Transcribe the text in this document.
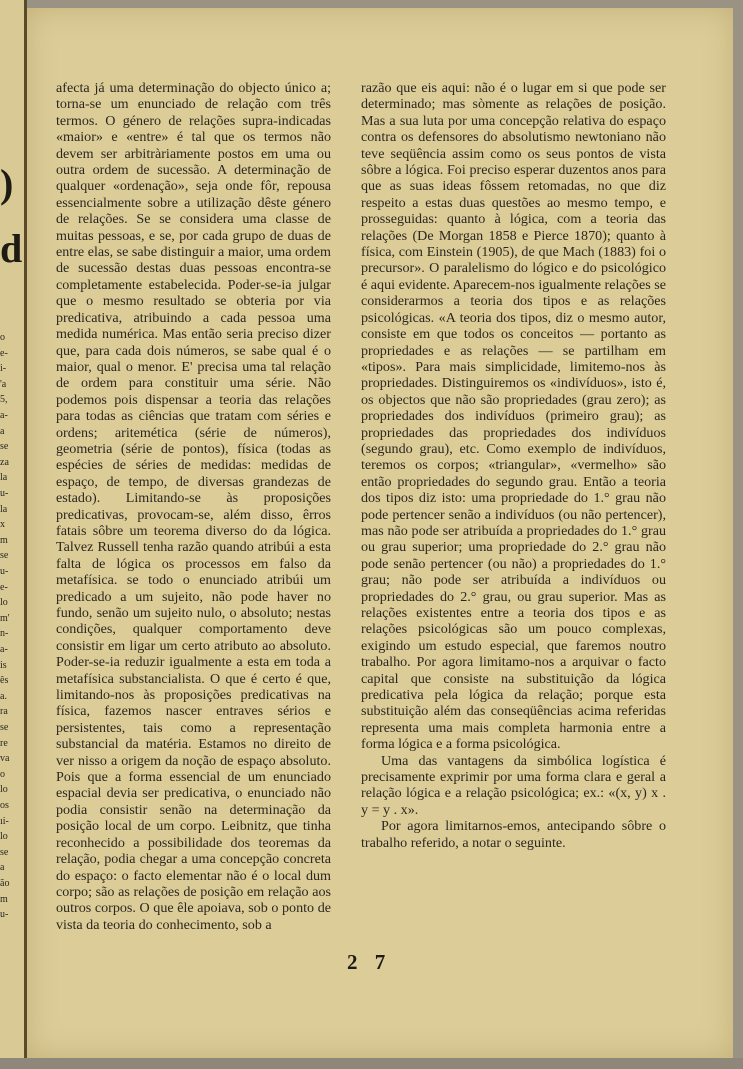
)
d
o
e-
i-
'a
5,
a-
a
se
za
la
u-
la
x
m
se
u-
e-
lo
m'
n-
a-
is
ês
a.
ra
se
re
va
o
lo
os
ıi-
lo
se
a
ão
m
u-

afecta já uma determinação do objecto único a; torna-se um enunciado de relação com três termos. O género de relações supra-indicadas «maior» e «entre» é tal que os termos não devem ser arbitràriamente postos em uma ou outra ordem de sucessão. A determinação de qualquer «ordenação», seja onde fôr, repousa essencialmente sobre a utilização dêste género de relações. Se se considera uma classe de muitas pessoas, e se, por cada grupo de duas de entre elas, se sabe distinguir a maior, uma ordem de sucessão destas duas pessoas encontra-se completamente estabelecida. Poder-se-ia julgar que o mesmo resultado se obteria por via predicativa, atribuindo a cada pessoa uma medida numérica. Mas então seria preciso dizer que, para cada dois números, se sabe qual é o maior, qual o menor. E' precisa uma tal relação de ordem para constituir uma série. Não podemos pois dispensar a teoria das relações para todas as ciências que tratam com séries e ordens; aritemética (série de números), geometria (série de pontos), física (todas as espécies de séries de medidas: medidas de espaço, de tempo, de diversas grandezas de estado). Limitando-se às proposições predicativas, provocam-se, além disso, êrros fatais sôbre um teorema diverso do da lógica. Talvez Russell tenha razão quando atribúi a esta falta de lógica os processos em falso da metafísica. se todo o enunciado atribúi um predicado a um sujeito, não pode haver no fundo, senão um sujeito nulo, o absoluto; nestas condições, qualquer comportamento deve consistir em ligar um certo atributo ao absoluto. Poder-se-ia reduzir igualmente a esta em toda a metafísica substancialista. O que é certo é que, limitando-nos às proposições predicativas na física, fazemos nascer entraves sérios e persistentes, tais como a representação substancial da matéria. Estamos no direito de ver nisso a origem da noção de espaço absoluto. Pois que a forma essencial de um enunciado espacial devia ser predicativa, o enunciado não podia consistir senão na determinação da posição local de um corpo. Leibnitz, que tinha reconhecido a possibilidade dos teoremas da relação, podia chegar a uma concepção concreta do espaço: o facto elementar não é o local dum corpo; são as relações de posição em relação aos outros corpos. O que êle apoiava, sob o ponto de vista da teoria do conhecimento, sob a

razão que eis aqui: não é o lugar em si que pode ser determinado; mas sòmente as relações de posição. Mas a sua luta por uma concepção relativa do espaço contra os defensores do absolutismo newtoniano não teve seqüência assim como os seus pontos de vista sôbre a lógica. Foi preciso esperar duzentos anos para que as suas ideas fôssem retomadas, no que diz respeito a estas duas questões ao mesmo tempo, e prosseguidas: quanto à lógica, com a teoria das relações (De Morgan 1858 e Pierce 1870); quanto à física, com Einstein (1905), de que Mach (1883) foi o precursor». O paralelismo do lógico e do psicológico é aqui evidente. Aparecem-nos igualmente relações se considerarmos a teoria dos tipos e as relações psicológicas. «A teoria dos tipos, diz o mesmo autor, consiste em que todos os conceitos — portanto as propriedades e as relações — se partilham em «tipos». Para mais simplicidade, limitemo-nos às propriedades. Distinguiremos os «indivíduos», isto é, os objectos que não são propriedades (grau zero); as propriedades dos indivíduos (primeiro grau); as propriedades das propriedades dos indivíduos (segundo grau), etc. Como exemplo de indivíduos, teremos os corpos; «triangular», «vermelho» são então propriedades do segundo grau. Então a teoria dos tipos diz isto: uma propriedade do 1.° grau não pode pertencer senão a indivíduos (ou não pertencer), mas não pode ser atribuída a propriedades do 1.° grau ou grau superior; uma propriedade do 2.° grau não pode senão pertencer (ou não) a propriedades do 1.° grau; não pode ser atribuída a indivíduos ou propriedades do 2.° grau, ou grau superior. Mas as relações existentes entre a teoria dos tipos e as relações psicológicas são um pouco complexas, exigindo um estudo especial, que faremos noutro trabalho. Por agora limitamo-nos a arquivar o facto capital que consiste na substituição da lógica predicativa pela lógica da relação; porque esta substituição além das conseqüências acima referidas representa uma mais completa harmonia entre a forma lógica e a forma psicológica.

Uma das vantagens da simbólica logística é precisamente exprimir por uma forma clara e geral a relação lógica e a relação psicológica; ex.: «(x, y) x . y = y . x».

Por agora limitarnos-emos, antecipando sôbre o trabalho referido, a notar o seguinte.

2 7
